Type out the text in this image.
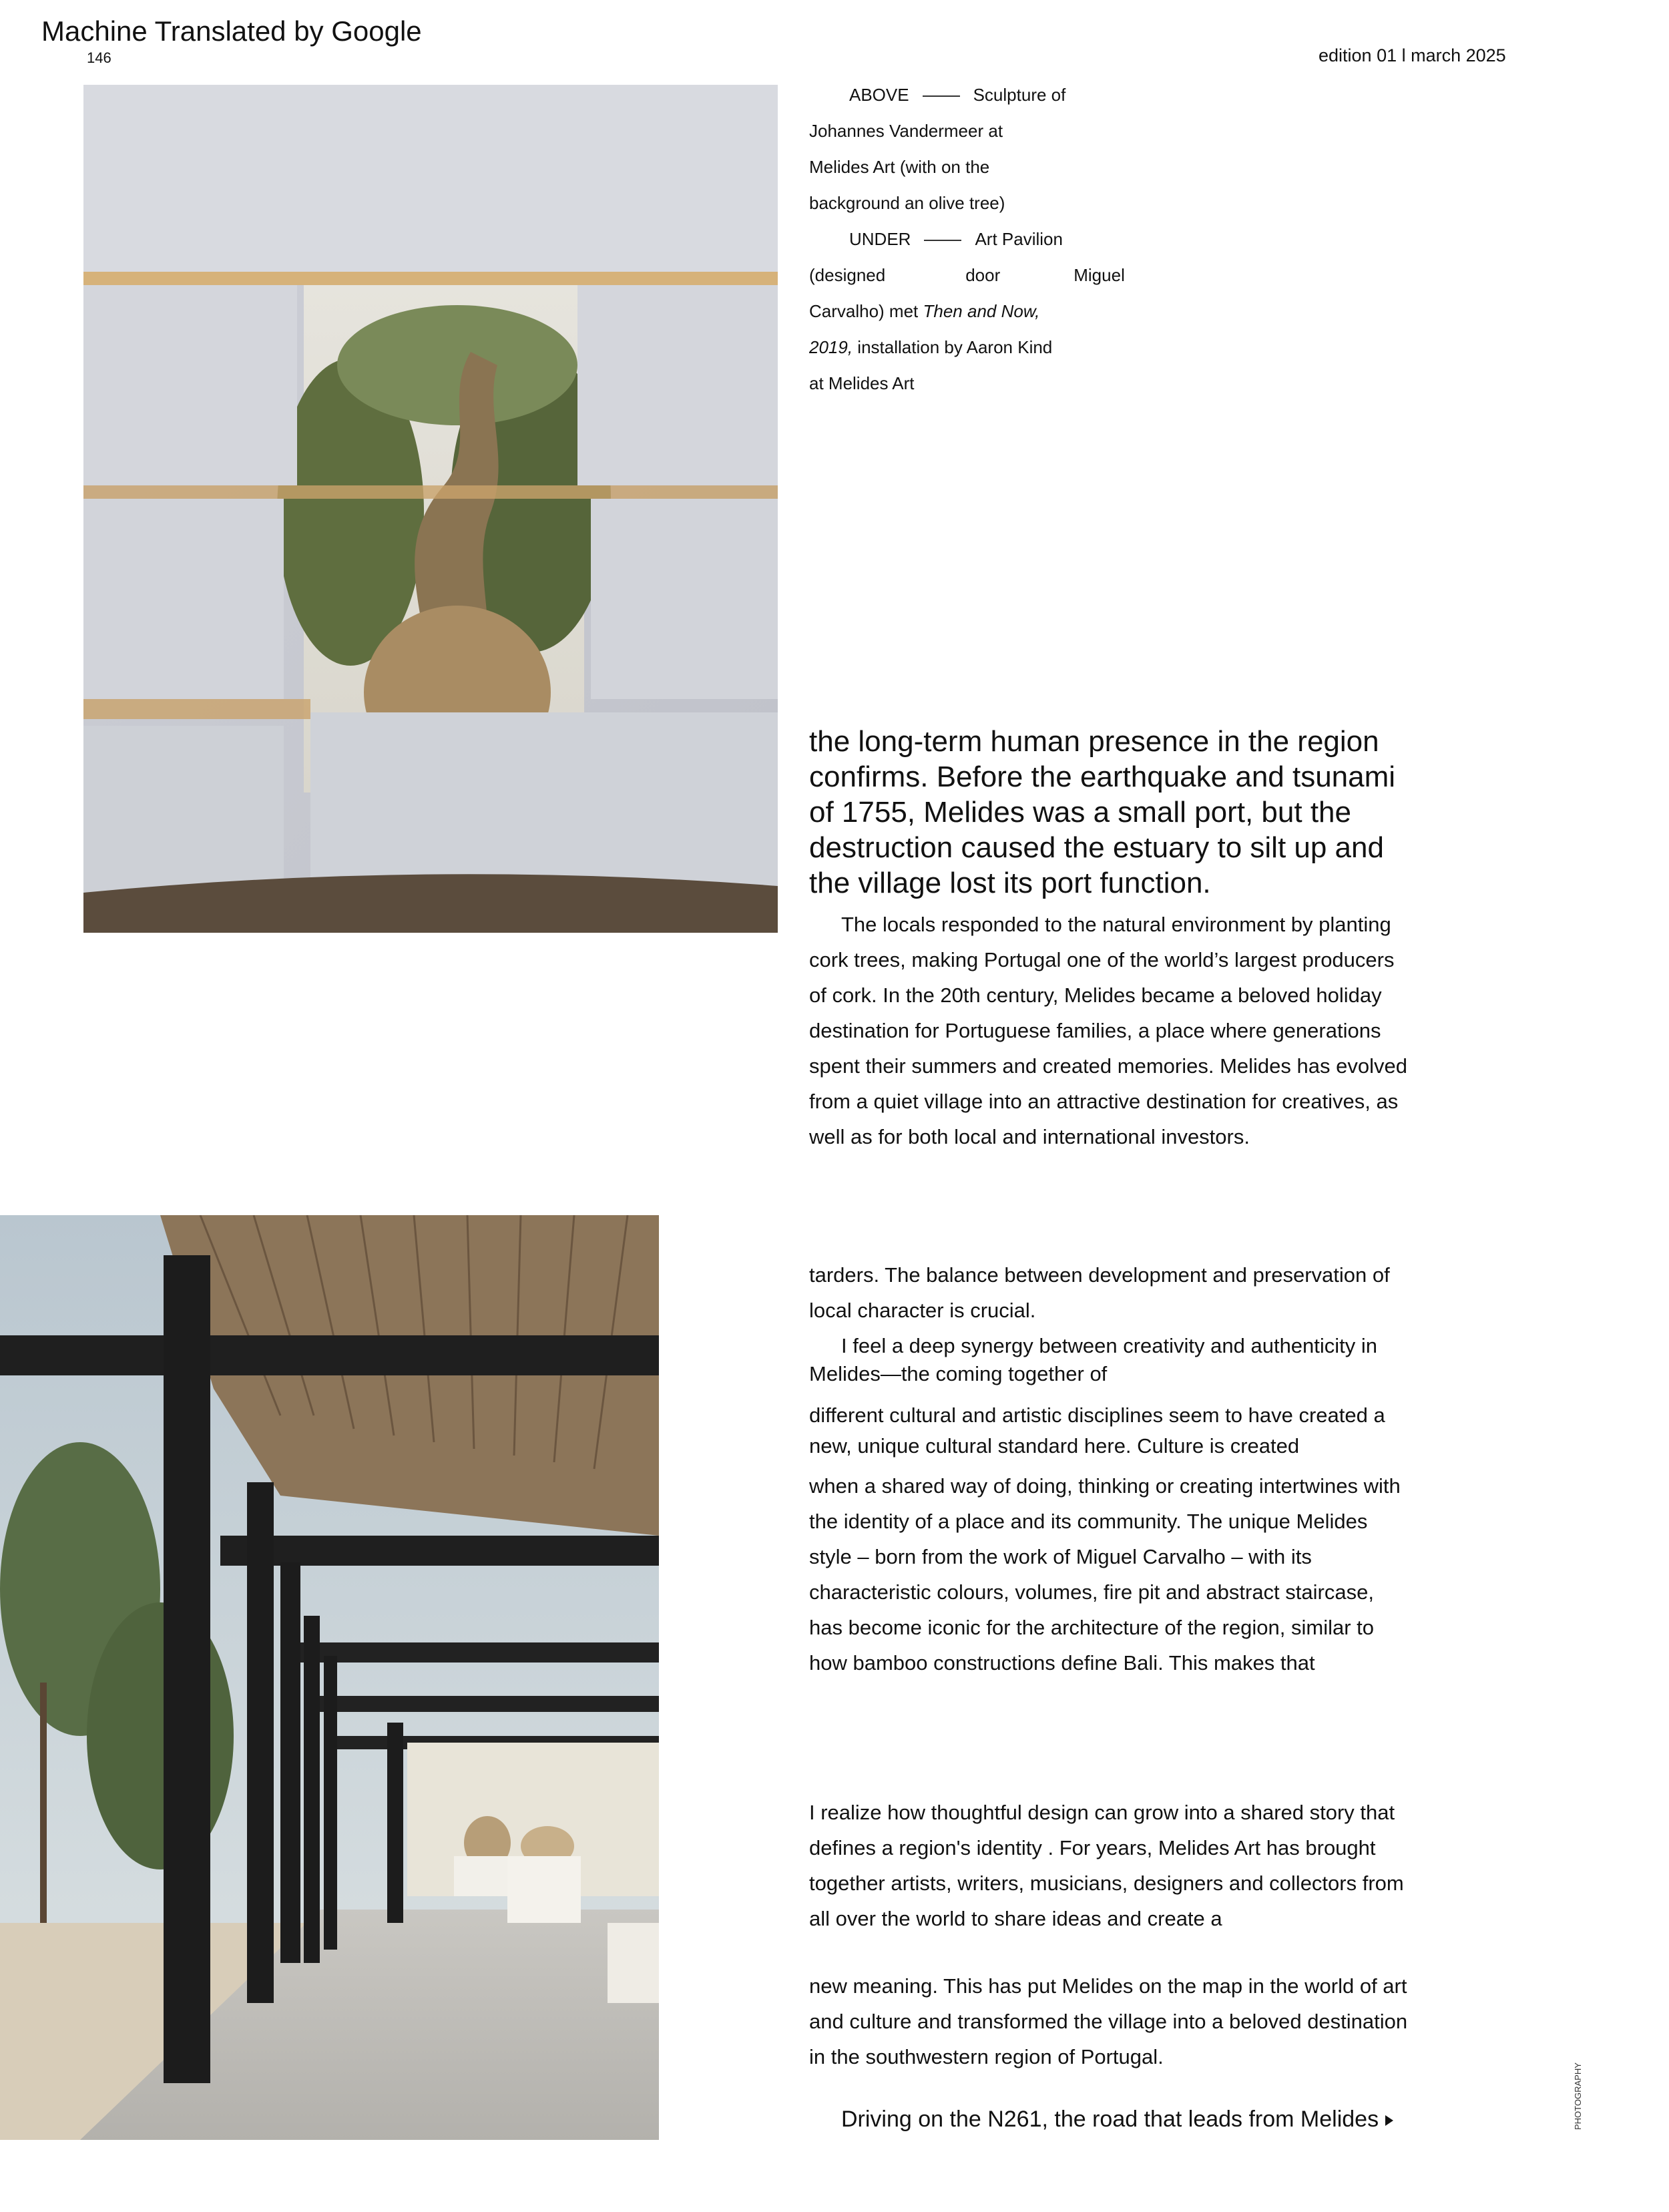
Machine Translated by Google
146	edition 01 l march 2025
ABOVE	Sculpture of
Johannes Vandermeer at
Melides Art (with on the
background an olive tree)
UNDER	Art Pavilion
(designed	door	Miguel
Carvalho) met Then and Now,
2019, installation by Aaron Kind
at Melides Art
the long-term human presence in the region confirms. Before the earthquake and tsunami of 1755, Melides was a small port, but the destruction caused the estuary to silt up and the village lost its port function.
The locals responded to the natural environment by planting cork trees, making Portugal one of the world’s largest producers of cork. In the 20th century, Melides became a beloved holiday destination for Portuguese families, a place where generations spent their summers and created memories. Melides has evolved from a quiet village into an attractive destination for creatives, as well as for both local and international investors.
tarders. The balance between development and preservation of local character is crucial.
I feel a deep synergy between creativity and authenticity in Melides—the coming together of
different cultural and artistic disciplines seem to have created a new, unique cultural standard here. Culture is created
when a shared way of doing, thinking or creating intertwines with the identity of a place and its community. The unique Melides style – born from the work of Miguel Carvalho – with its characteristic colours, volumes, fire pit and abstract staircase, has become iconic for the architecture of the region, similar to how bamboo constructions define Bali. This makes that
I realize how thoughtful design can grow into a shared story that defines a region's identity . For years, Melides Art has brought together artists, writers, musicians, designers and collectors from all over the world to share ideas and create a
new meaning. This has put Melides on the map in the world of art and culture and transformed the village into a beloved destination in the southwestern region of Portugal.
Driving on the N261, the road that leads from Melides	PHOTOGRAPHY
